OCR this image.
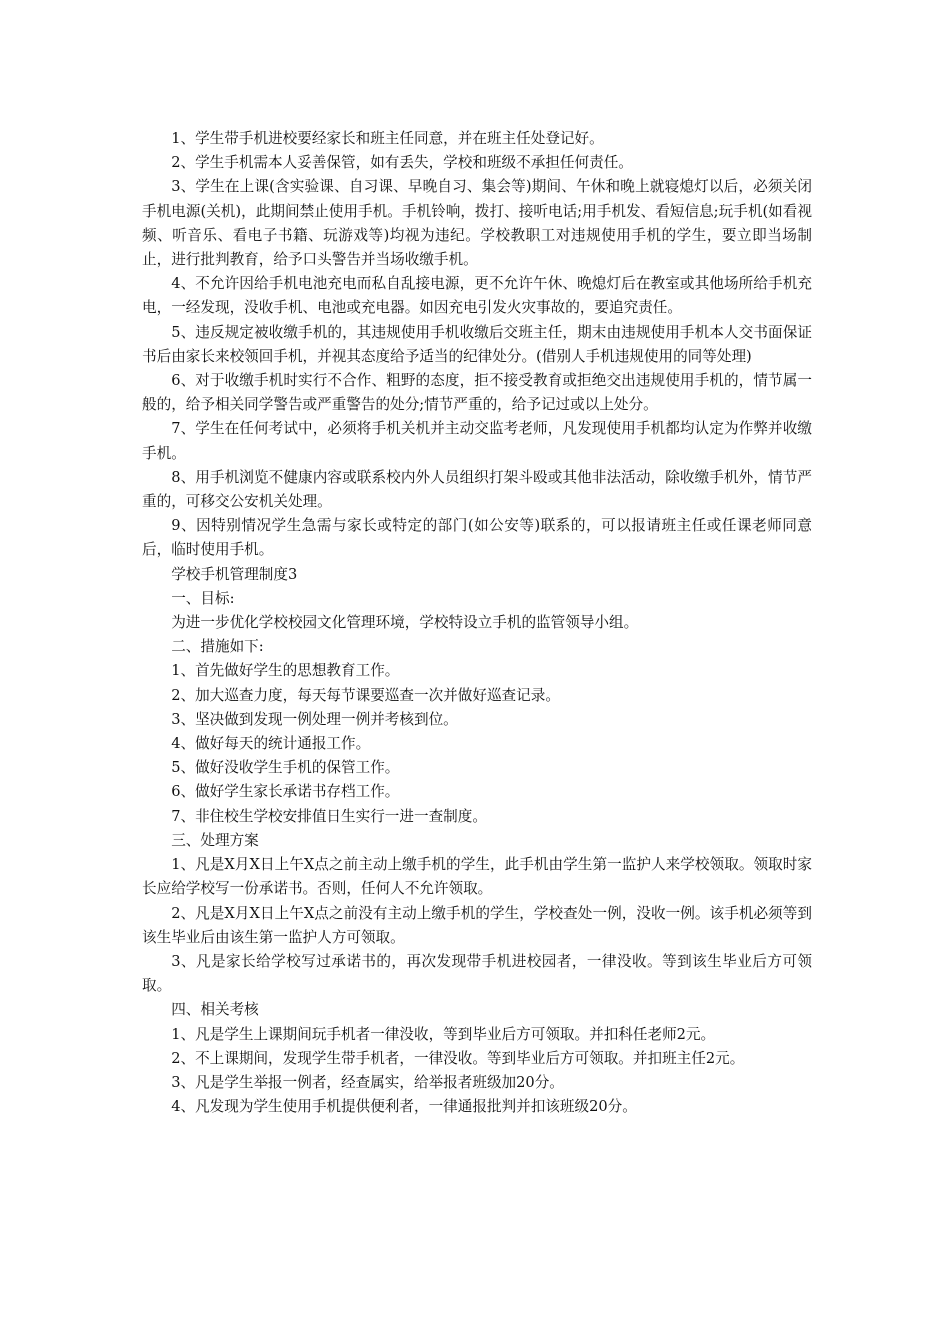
1、学生带手机进校要经家长和班主任同意，并在班主任处登记好。

2、学生手机需本人妥善保管，如有丢失，学校和班级不承担任何责任。

3、学生在上课(含实验课、自习课、早晚自习、集会等)期间、午休和晚上就寝熄灯以后，必须关闭手机电源(关机)，此期间禁止使用手机。手机铃响，拨打、接听电话;用手机发、看短信息;玩手机(如看视频、听音乐、看电子书籍、玩游戏等)均视为违纪。学校教职工对违规使用手机的学生，要立即当场制止，进行批判教育，给予口头警告并当场收缴手机。

4、不允许因给手机电池充电而私自乱接电源，更不允许午休、晚熄灯后在教室或其他场所给手机充电，一经发现，没收手机、电池或充电器。如因充电引发火灾事故的，要追究责任。

5、违反规定被收缴手机的，其违规使用手机收缴后交班主任，期末由违规使用手机本人交书面保证书后由家长来校领回手机，并视其态度给予适当的纪律处分。(借别人手机违规使用的同等处理)

6、对于收缴手机时实行不合作、粗野的态度，拒不接受教育或拒绝交出违规使用手机的，情节属一般的，给予相关同学警告或严重警告的处分;情节严重的，给予记过或以上处分。

7、学生在任何考试中，必须将手机关机并主动交监考老师，凡发现使用手机都均认定为作弊并收缴手机。

8、用手机浏览不健康内容或联系校内外人员组织打架斗殴或其他非法活动，除收缴手机外，情节严重的，可移交公安机关处理。

9、因特别情况学生急需与家长或特定的部门(如公安等)联系的，可以报请班主任或任课老师同意后，临时使用手机。

学校手机管理制度3

一、目标:

为进一步优化学校校园文化管理环境，学校特设立手机的监管领导小组。

二、措施如下:

1、首先做好学生的思想教育工作。

2、加大巡查力度，每天每节课要巡查一次并做好巡查记录。

3、坚决做到发现一例处理一例并考核到位。

4、做好每天的统计通报工作。

5、做好没收学生手机的保管工作。

6、做好学生家长承诺书存档工作。

7、非住校生学校安排值日生实行一进一查制度。

三、处理方案

1、凡是X月X日上午X点之前主动上缴手机的学生，此手机由学生第一监护人来学校领取。领取时家长应给学校写一份承诺书。否则，任何人不允许领取。

2、凡是X月X日上午X点之前没有主动上缴手机的学生，学校查处一例，没收一例。该手机必须等到该生毕业后由该生第一监护人方可领取。

3、凡是家长给学校写过承诺书的，再次发现带手机进校园者，一律没收。等到该生毕业后方可领取。

四、相关考核

1、凡是学生上课期间玩手机者一律没收，等到毕业后方可领取。并扣科任老师2元。

2、不上课期间，发现学生带手机者，一律没收。等到毕业后方可领取。并扣班主任2元。

3、凡是学生举报一例者，经查属实，给举报者班级加20分。

4、凡发现为学生使用手机提供便利者，一律通报批判并扣该班级20分。
